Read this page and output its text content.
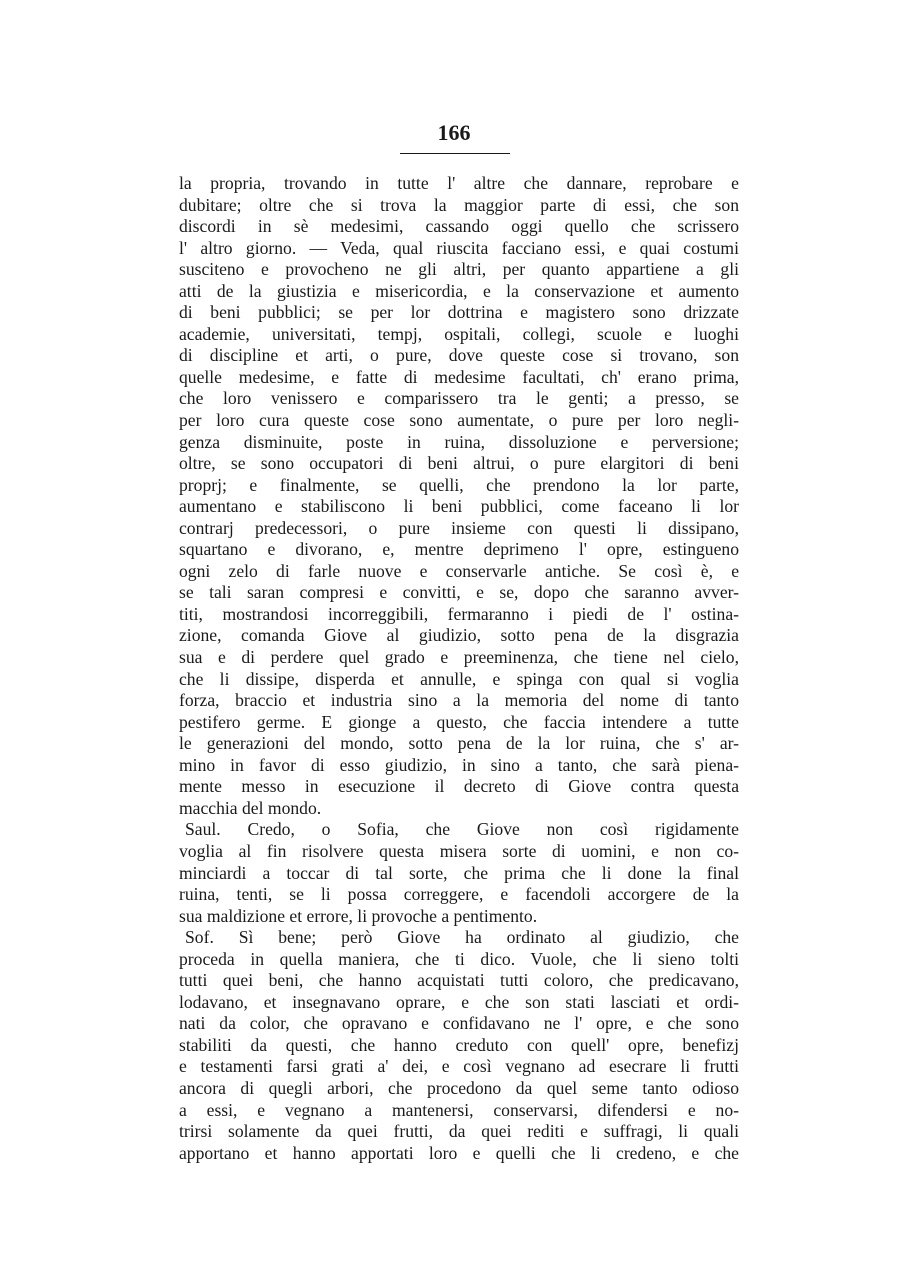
166
la propria, trovando in tutte l' altre che dannare, reprobare e
dubitare; oltre che si trova la maggior parte di essi, che son
discordi in sè medesimi, cassando oggi quello che scrissero
l' altro giorno. — Veda, qual riuscita facciano essi, e quai costumi
susciteno e provocheno ne gli altri, per quanto appartiene a gli
atti de la giustizia e misericordia, e la conservazione et aumento
di beni pubblici; se per lor dottrina e magistero sono drizzate
academie, universitati, tempj, ospitali, collegi, scuole e luoghi
di discipline et arti, o pure, dove queste cose si trovano, son
quelle medesime, e fatte di medesime facultati, ch' erano prima,
che loro venissero e comparissero tra le genti; a presso, se
per loro cura queste cose sono aumentate, o pure per loro negli-
genza disminuite, poste in ruina, dissoluzione e perversione;
oltre, se sono occupatori di beni altrui, o pure elargitori di beni
proprj; e finalmente, se quelli, che prendono la lor parte,
aumentano e stabiliscono li beni pubblici, come faceano li lor
contrarj predecessori, o pure insieme con questi li dissipano,
squartano e divorano, e, mentre deprimeno l' opre, estingueno
ogni zelo di farle nuove e conservarle antiche. Se così è, e
se tali saran compresi e convitti, e se, dopo che saranno avver-
titi, mostrandosi incorreggibili, fermaranno i piedi de l' ostina-
zione, comanda Giove al giudizio, sotto pena de la disgrazia
sua e di perdere quel grado e preeminenza, che tiene nel cielo,
che li dissipe, disperda et annulle, e spinga con qual si voglia
forza, braccio et industria sino a la memoria del nome di tanto
pestifero germe. E gionge a questo, che faccia intendere a tutte
le generazioni del mondo, sotto pena de la lor ruina, che s' ar-
mino in favor di esso giudizio, in sino a tanto, che sarà piena-
mente messo in esecuzione il decreto di Giove contra questa
macchia del mondo.
Saul. Credo, o Sofia, che Giove non così rigidamente
voglia al fin risolvere questa misera sorte di uomini, e non co-
minciardi a toccar di tal sorte, che prima che li done la final
ruina, tenti, se li possa correggere, e facendoli accorgere de la
sua maldizione et errore, li provoche a pentimento.
Sof. Sì bene; però Giove ha ordinato al giudizio, che
proceda in quella maniera, che ti dico. Vuole, che li sieno tolti
tutti quei beni, che hanno acquistati tutti coloro, che predicavano,
lodavano, et insegnavano oprare, e che son stati lasciati et ordi-
nati da color, che opravano e confidavano ne l' opre, e che sono
stabiliti da questi, che hanno creduto con quell' opre, benefizj
e testamenti farsi grati a' dei, e così vegnano ad esecrare li frutti
ancora di quegli arbori, che procedono da quel seme tanto odioso
a essi, e vegnano a mantenersi, conservarsi, difendersi e no-
trirsi solamente da quei frutti, da quei rediti e suffragi, li quali
apportano et hanno apportati loro e quelli che li credeno, e che
